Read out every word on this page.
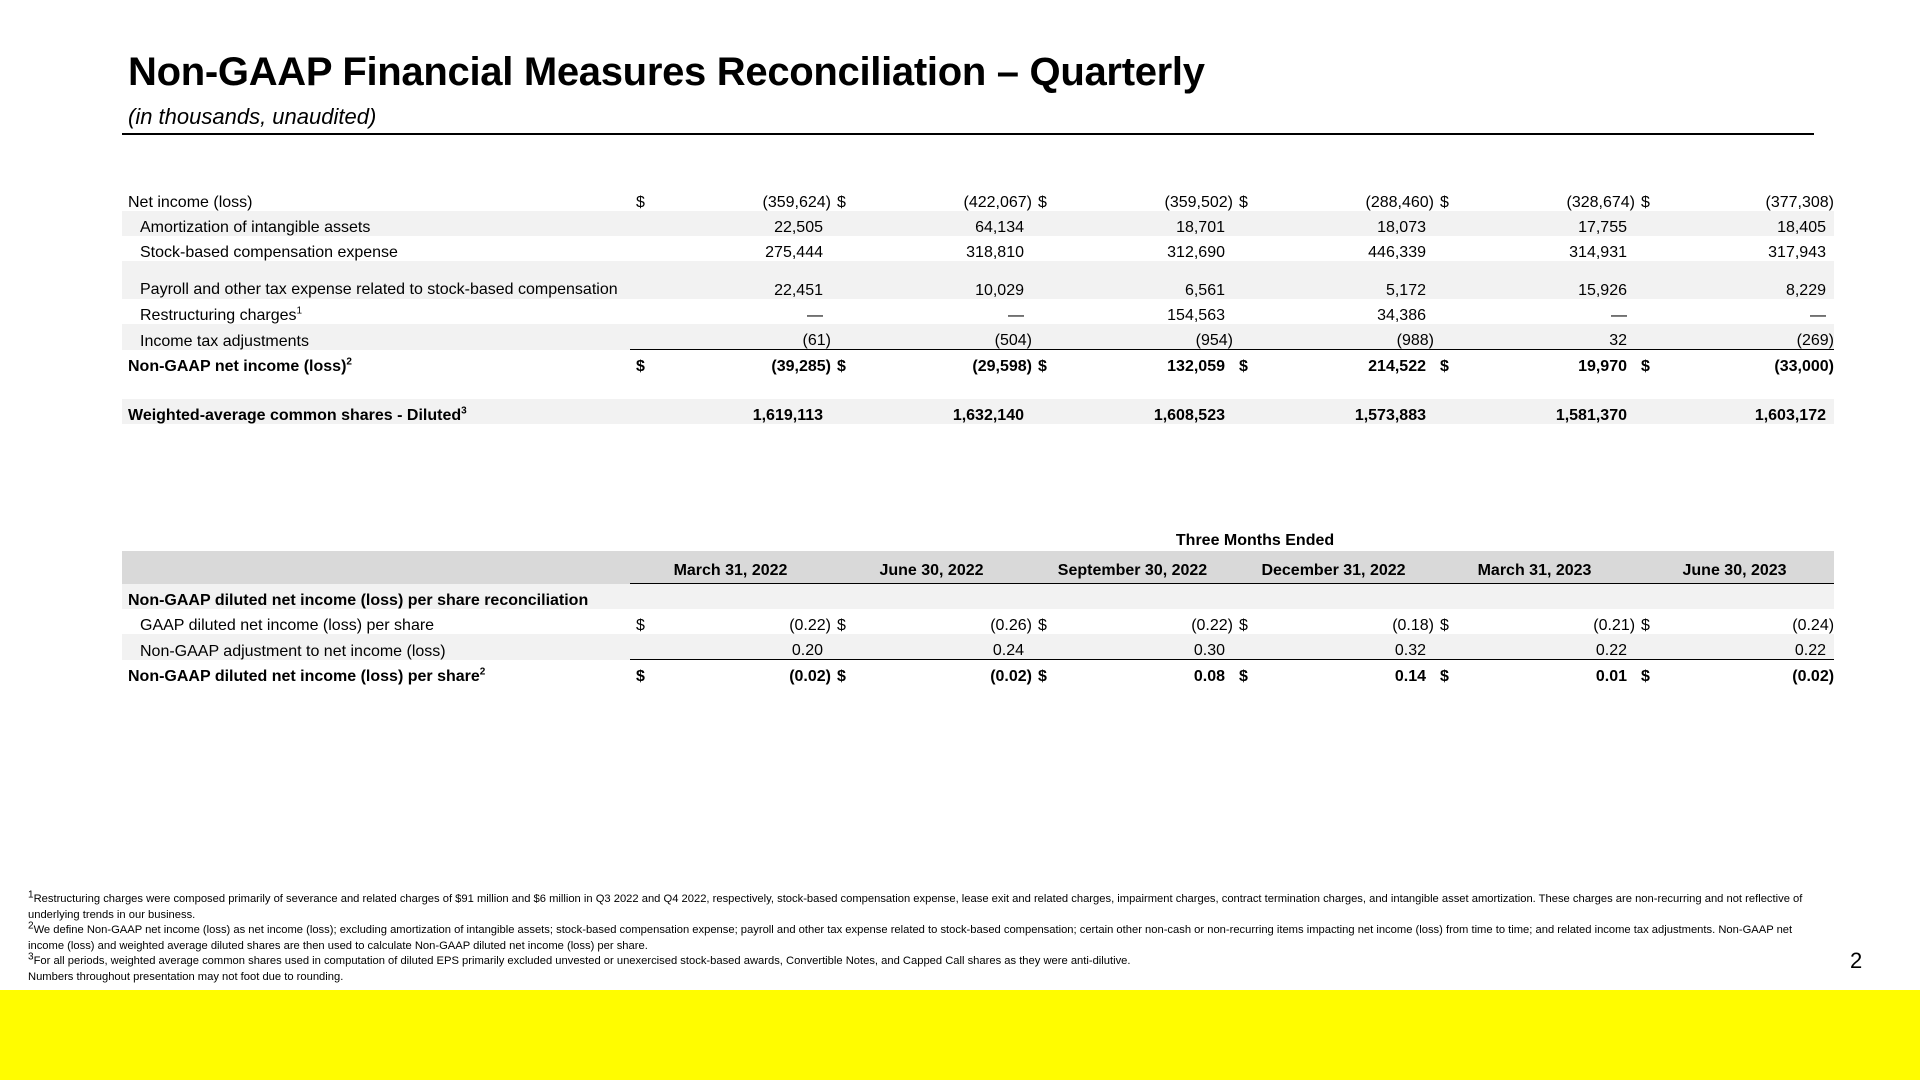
Non-GAAP Financial Measures Reconciliation – Quarterly
(in thousands, unaudited)
Net income (loss)	$	(359,624)	$	(422,067)	$	(359,502)	$	(288,460)	$	(328,674)	$	(377,308)
Amortization of intangible assets		22,505		64,134		18,701		18,073		17,755		18,405
Stock-based compensation expense		275,444		318,810		312,690		446,339		314,931		317,943
Payroll and other tax expense related to stock-based compensation		22,451		10,029		6,561		5,172		15,926		8,229
Restructuring charges$^1$		—		—		154,563		34,386		—		—
Income tax adjustments		(61)		(504)		(954)		(988)		32		(269)
Non-GAAP net income (loss)$^2$	$	(39,285)	$	(29,598)	$	132,059	$	214,522	$	19,970	$	(33,000)

Weighted-average common shares - Diluted$^3$		1,619,113		1,632,140		1,608,523		1,573,883		1,581,370		1,603,172
						Three Months Ended							
	March 31, 2022		June 30, 2022		September 30, 2022		December 31, 2022		March 31, 2023		June 30, 2023		
Non-GAAP diluted net income (loss) per share reconciliation													
GAAP diluted net income (loss) per share	$	(0.22)	$	(0.26)	$	(0.22)	$	(0.18)	$	(0.21)	$	(0.24)	
Non-GAAP adjustment to net income (loss)		0.20		0.24		0.30		0.32		0.22		0.22	
Non-GAAP diluted net income (loss) per share$^2$	$	(0.02)	$	(0.02)	$	0.08	$	0.14	$	0.01	$	(0.02)	

$^1$Restructuring charges were composed primarily of severance and related charges of $91 million and $6 million in Q3 2022 and Q4 2022, respectively, stock-based compensation expense, lease exit and related charges, impairment charges, contract termination charges, and intangible asset amortization. These charges are non-recurring and not reflective of underlying trends in our business.

$^2$We define Non-GAAP net income (loss) as net income (loss); excluding amortization of intangible assets; stock-based compensation expense; payroll and other tax expense related to stock-based compensation; certain other non-cash or non-recurring items impacting net income (loss) from time to time; and related income tax adjustments. Non-GAAP net income (loss) and weighted average diluted shares are then used to calculate Non-GAAP diluted net income (loss) per share.

$^3$For all periods, weighted average common shares used in computation of diluted EPS primarily excluded unvested or unexercised stock-based awards, Convertible Notes, and Capped Call shares as they were anti-dilutive.

Numbers throughout presentation may not foot due to rounding.

2
